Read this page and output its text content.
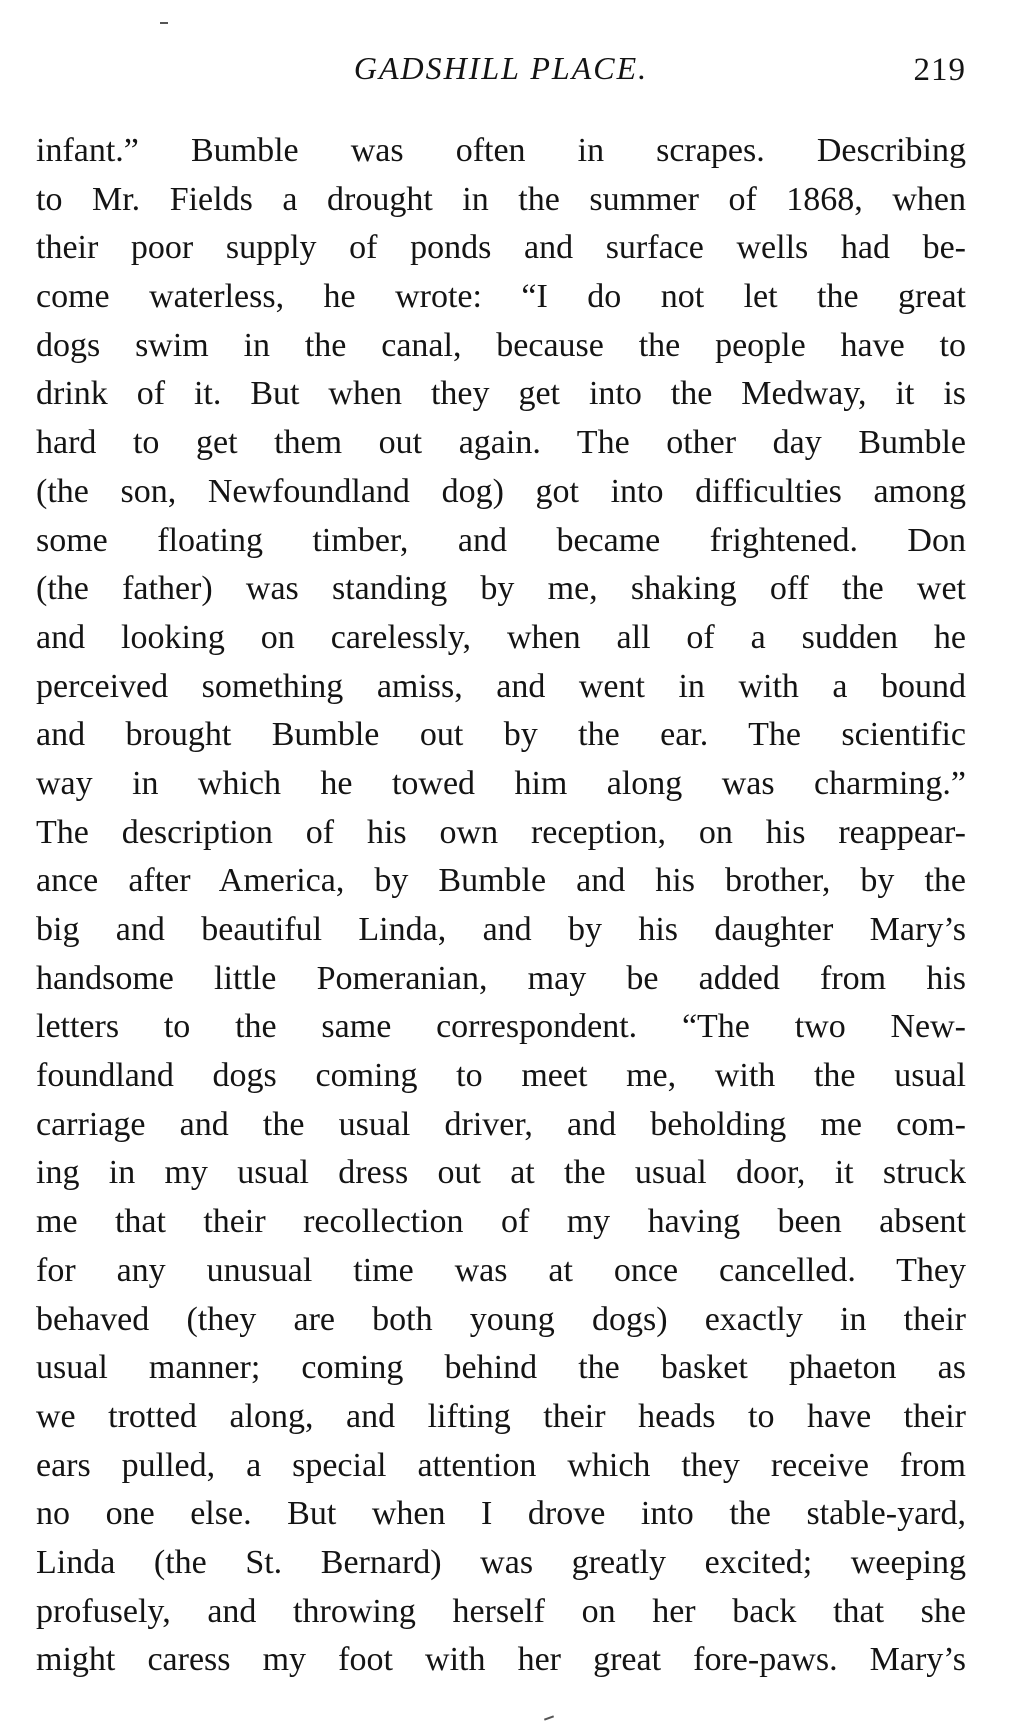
GADSHILL PLACE.	219
infant.” Bumble was often in scrapes. Describing
to Mr. Fields a drought in the summer of 1868, when
their poor supply of ponds and surface wells had be-
come waterless, he wrote: “I do not let the great
dogs swim in the canal, because the people have to
drink of it. But when they get into the Medway, it is
hard to get them out again. The other day Bumble
(the son, Newfoundland dog) got into difficulties among
some floating timber, and became frightened. Don
(the father) was standing by me, shaking off the wet
and looking on carelessly, when all of a sudden he
perceived something amiss, and went in with a bound
and brought Bumble out by the ear. The scientific
way in which he towed him along was charming.”
The description of his own reception, on his reappear-
ance after America, by Bumble and his brother, by the
big and beautiful Linda, and by his daughter Mary’s
handsome little Pomeranian, may be added from his
letters to the same correspondent. “The two New-
foundland dogs coming to meet me, with the usual
carriage and the usual driver, and beholding me com-
ing in my usual dress out at the usual door, it struck
me that their recollection of my having been absent
for any unusual time was at once cancelled. They
behaved (they are both young dogs) exactly in their
usual manner; coming behind the basket phaeton as
we trotted along, and lifting their heads to have their
ears pulled, a special attention which they receive from
no one else. But when I drove into the stable-yard,
Linda (the St. Bernard) was greatly excited; weeping
profusely, and throwing herself on her back that she
might caress my foot with her great fore-paws. Mary’s
